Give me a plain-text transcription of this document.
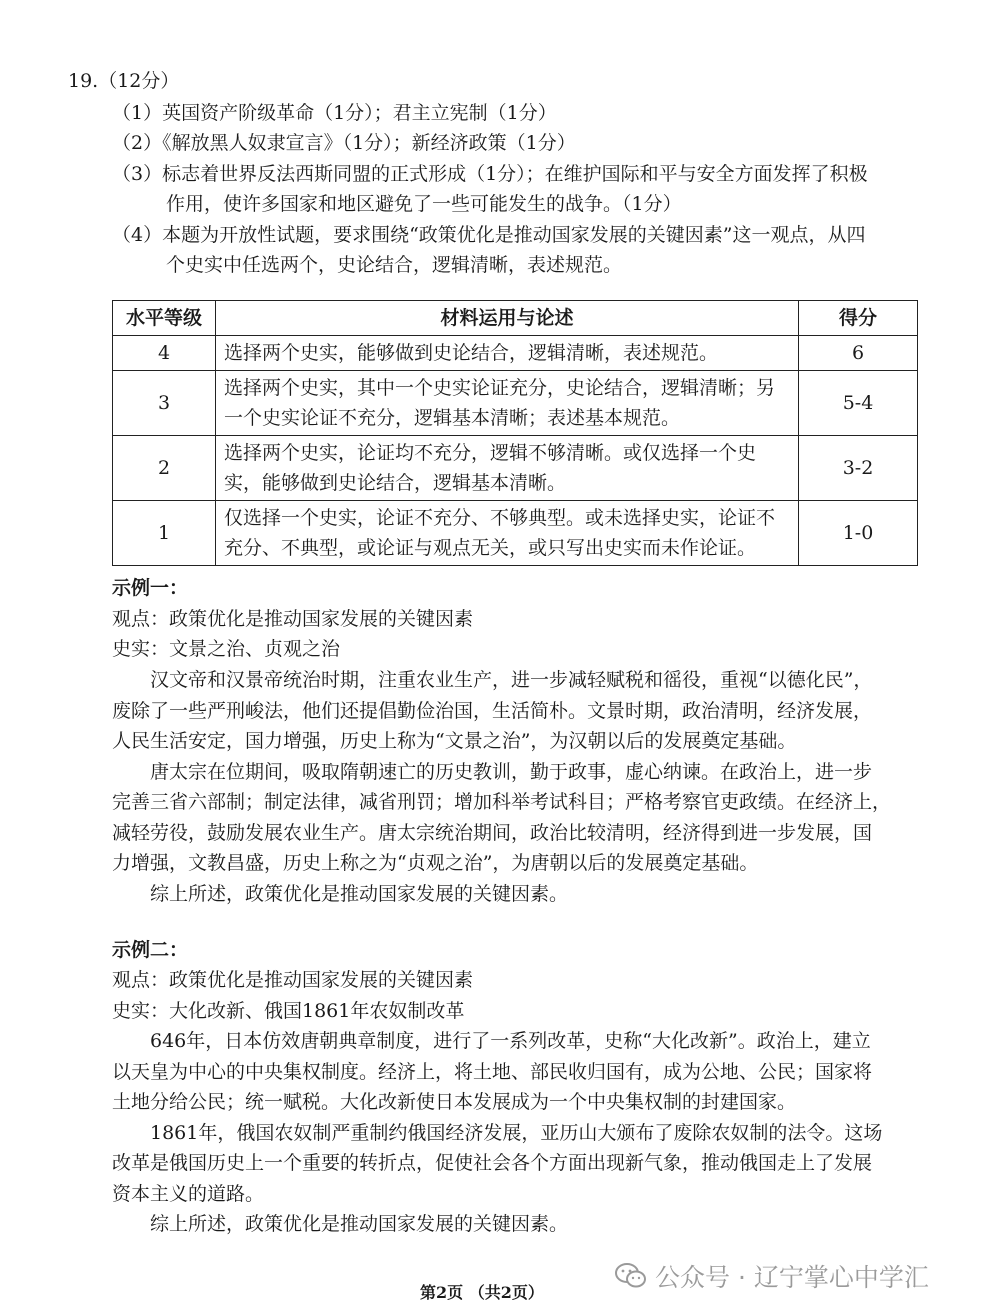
19.（12分）
（1）英国资产阶级革命（1分）；君主立宪制（1分）
（2）《解放黑人奴隶宣言》（1分）；新经济政策（1分）
（3）标志着世界反法西斯同盟的正式形成（1分）；在维护国际和平与安全方面发挥了积极
作用，使许多国家和地区避免了一些可能发生的战争。（1分）
（4）本题为开放性试题，要求围绕“政策优化是推动国家发展的关键因素”这一观点，从四
个史实中任选两个，史论结合，逻辑清晰，表述规范。
水平等级	材料运用与论述	得分
4	选择两个史实，能够做到史论结合，逻辑清晰，表述规范。	6
3	选择两个史实，其中一个史实论证充分，史论结合，逻辑清晰；另一个史实论证不充分，逻辑基本清晰；表述基本规范。	5-4
2	选择两个史实，论证均不充分，逻辑不够清晰。或仅选择一个史实，能够做到史论结合，逻辑基本清晰。	3-2
1	仅选择一个史实，论证不充分、不够典型。或未选择史实，论证不充分、不典型，或论证与观点无关，或只写出史实而未作论证。	1-0
示例一：
观点：政策优化是推动国家发展的关键因素
史实：文景之治、贞观之治
汉文帝和汉景帝统治时期，注重农业生产，进一步减轻赋税和徭役，重视“以德化民”，
废除了一些严刑峻法，他们还提倡勤俭治国，生活简朴。文景时期，政治清明，经济发展，
人民生活安定，国力增强，历史上称为“文景之治”，为汉朝以后的发展奠定基础。
唐太宗在位期间，吸取隋朝速亡的历史教训，勤于政事，虚心纳谏。在政治上，进一步
完善三省六部制；制定法律，减省刑罚；增加科举考试科目；严格考察官吏政绩。在经济上，
减轻劳役，鼓励发展农业生产。唐太宗统治期间，政治比较清明，经济得到进一步发展，国
力增强，文教昌盛，历史上称之为“贞观之治”，为唐朝以后的发展奠定基础。
综上所述，政策优化是推动国家发展的关键因素。
示例二：
观点：政策优化是推动国家发展的关键因素
史实：大化改新、俄国1861年农奴制改革
646年，日本仿效唐朝典章制度，进行了一系列改革，史称“大化改新”。政治上，建立
以天皇为中心的中央集权制度。经济上，将土地、部民收归国有，成为公地、公民；国家将
土地分给公民；统一赋税。大化改新使日本发展成为一个中央集权制的封建国家。
1861年，俄国农奴制严重制约俄国经济发展，亚历山大颁布了废除农奴制的法令。这场
改革是俄国历史上一个重要的转折点，促使社会各个方面出现新气象，推动俄国走上了发展
资本主义的道路。
综上所述，政策优化是推动国家发展的关键因素。
公众号 · 辽宁掌心中学汇
第2页 （共2页）
